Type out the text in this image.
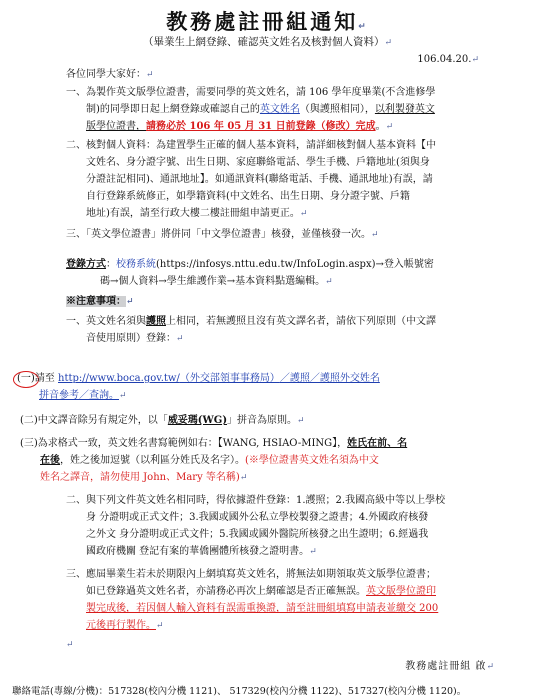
教務處註冊組通知↵
（畢業生上網登錄、確認英文姓名及核對個人資料）↵
106.04.20.↵
各位同學大家好：↵
一、為製作英文版學位證書，需要同學的英文姓名，請 106 學年度畢業(不含進修學
制)的同學即日起上網登錄或確認自己的英文姓名（與護照相同），以利製發英文
版學位證書，請務必於 106 年 05 月 31 日前登錄（修改）完成。↵
二、核對個人資料：為建置學生正確的個人基本資料，請詳細核對個人基本資料【中
文姓名、身分證字號、出生日期、家庭聯絡電話、學生手機、戶籍地址(須與身
分證註記相同)、通訊地址】。如通訊資料(聯絡電話、手機、通訊地址)有誤，請
自行登錄系統修正，如學籍資料(中文姓名、出生日期、身分證字號、戶籍
地址)有誤，請至行政大樓二樓註冊組申請更正。↵
三、「英文學位證書」將併同「中文學位證書」核發，並僅核發一次。↵
登錄方式：校務系統(https://infosys.nttu.edu.tw/InfoLogin.aspx)→登入帳號密
碼→個人資料→學生維護作業→基本資料點選編輯。↵
※注意事項：↵
一、英文姓名須與護照上相同，若無護照且沒有英文譯名者，請依下列原則（中文譯
音使用原則）登錄：↵
(一)請至 http://www.boca.gov.tw/（外交部領事事務局）／護照／護照外交姓名
拼音參考／查詢。↵
(二)中文譯音除另有規定外，以「威妥瑪(WG)」拼音為原則。↵
(三)為求格式一致，英文姓名書寫範例如右：【WANG, HSIAO-MING】，姓氏在前、名
在後，姓之後加逗號（以利區分姓氏及名字）。(※學位證書英文姓名須為中文
姓名之譯音，請勿使用 John、Mary 等名稱)↵
二、與下列文件英文姓名相同時，得依據證件登錄：1.護照；2.我國高級中等以上學校
身 分證明或正式文件；3.我國或國外公私立學校製發之證書；4.外國政府核發
之外文 身分證明或正式文件；5.我國或國外醫院所核發之出生證明；6.經過我
國政府機關 登記有案的華僑團體所核發之證明書。↵
三、應屆畢業生若未於期限內上網填寫英文姓名，將無法如期領取英文版學位證書；
如已登錄過英文姓名者，亦請務必再次上網確認是否正確無誤。英文版學位證印
製完成後，若因個人輸入資料有誤需重換證，請至註冊組填寫申請表並繳交 200
元後再行製作。↵
↵
教務處註冊組 啟↵
聯絡電話(專線/分機)：517328(校內分機 1121)、 517329(校內分機 1122)、517327(校內分機 1120)。
